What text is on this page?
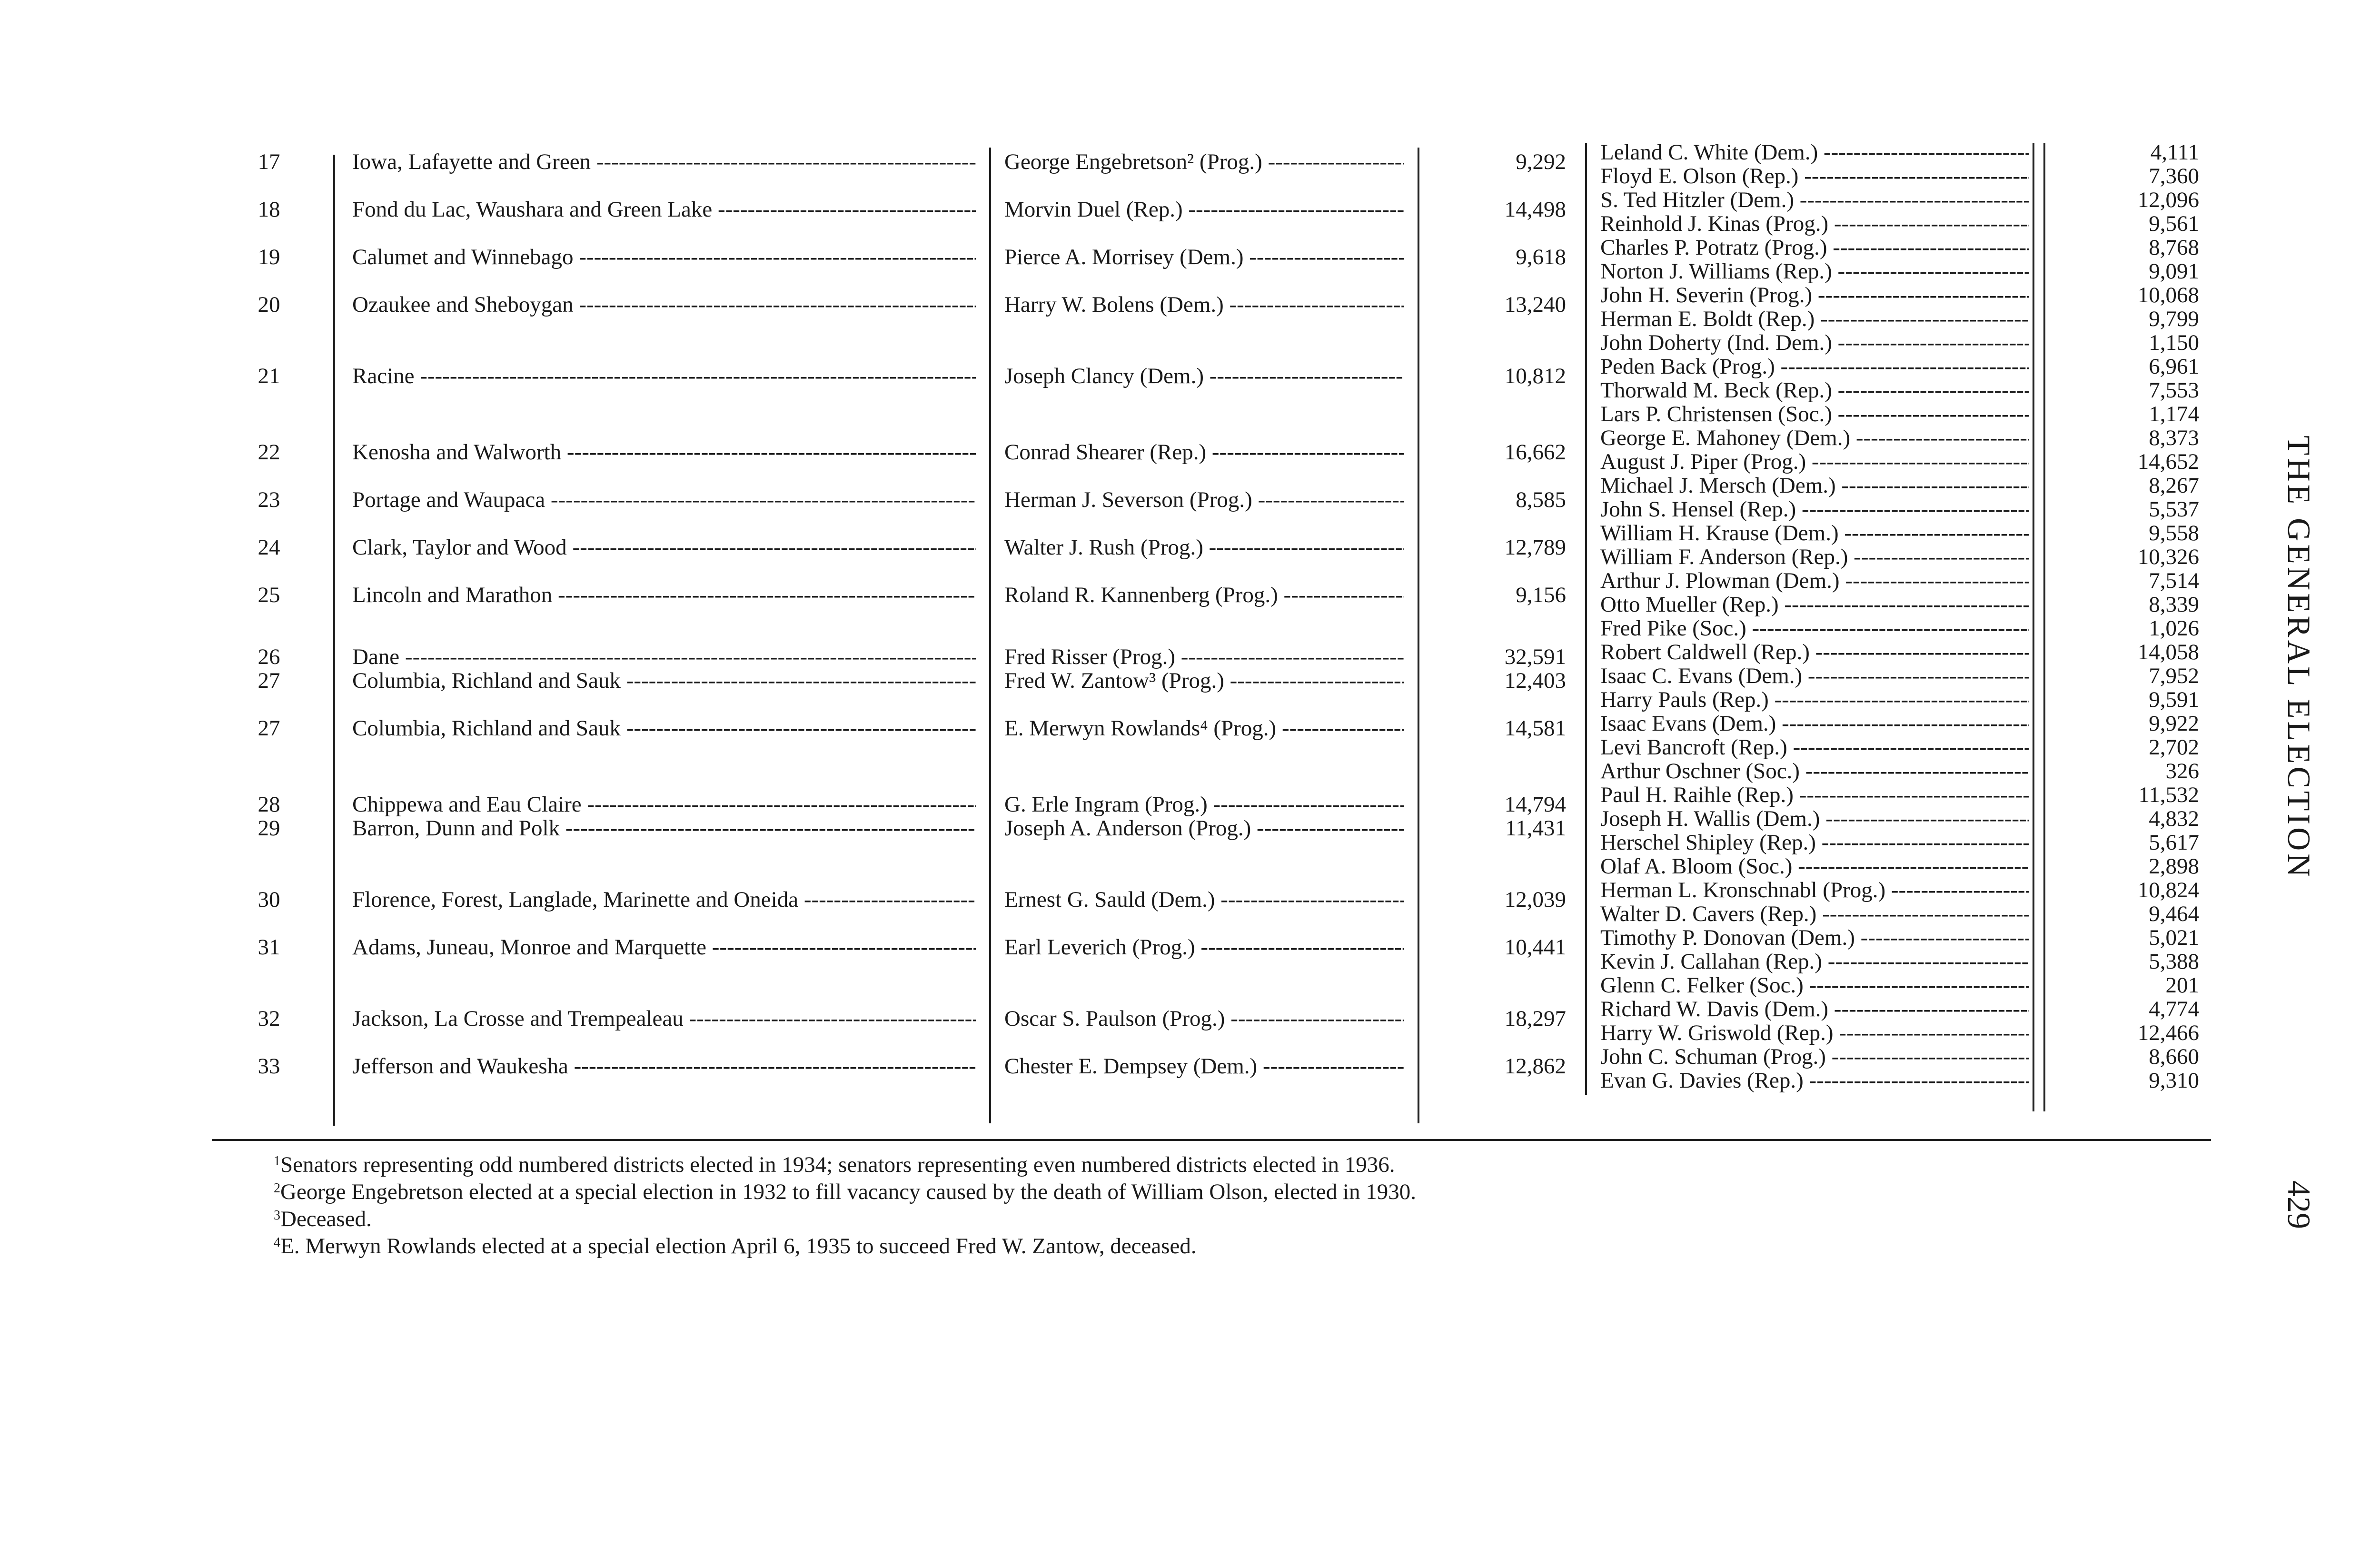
17	Iowa, Lafayette and Green -----	George Engebretson² (Prog.) -----	9,292
18	Fond du Lac, Waushara and Green Lake -----	Morvin Duel (Rep.) -----	14,498
19	Calumet and Winnebago -----	Pierce A. Morrisey (Dem.) -----	9,618
20	Ozaukee and Sheboygan -----	Harry W. Bolens (Dem.) -----	13,240
21	Racine -----	Joseph Clancy (Dem.) -----	10,812
22	Kenosha and Walworth -----	Conrad Shearer (Rep.) -----	16,662
23	Portage and Waupaca -----	Herman J. Severson (Prog.) -----	8,585
24	Clark, Taylor and Wood -----	Walter J. Rush (Prog.) -----	12,789
25	Lincoln and Marathon -----	Roland R. Kannenberg (Prog.) -----	9,156
26	Dane -----	Fred Risser (Prog.) -----	32,591
27	Columbia, Richland and Sauk -----	Fred W. Zantow³ (Prog.) -----	12,403
27	Columbia, Richland and Sauk -----	E. Merwyn Rowlands⁴ (Prog.) -----	14,581
28	Chippewa and Eau Claire -----	G. Erle Ingram (Prog.) -----	14,794
29	Barron, Dunn and Polk -----	Joseph A. Anderson (Prog.) -----	11,431
30	Florence, Forest, Langlade, Marinette and Oneida -----	Ernest G. Sauld (Dem.) -----	12,039
31	Adams, Juneau, Monroe and Marquette -----	Earl Leverich (Prog.) -----	10,441
32	Jackson, La Crosse and Trempealeau -----	Oscar S. Paulson (Prog.) -----	18,297
33	Jefferson and Waukesha -----	Chester E. Dempsey (Dem.) -----	12,862
Leland C. White (Dem.) -----	4,111
Floyd E. Olson (Rep.) -----	7,360
S. Ted Hitzler (Dem.) -----	12,096
Reinhold J. Kinas (Prog.) -----	9,561
Charles P. Potratz (Prog.) -----	8,768
Norton J. Williams (Rep.) -----	9,091
John H. Severin (Prog.) -----	10,068
Herman E. Boldt (Rep.) -----	9,799
John Doherty (Ind. Dem.) -----	1,150
Peden Back (Prog.) -----	6,961
Thorwald M. Beck (Rep.) -----	7,553
Lars P. Christensen (Soc.) -----	1,174
George E. Mahoney (Dem.) -----	8,373
August J. Piper (Prog.) -----	14,652
Michael J. Mersch (Dem.) -----	8,267
John S. Hensel (Rep.) -----	5,537
William H. Krause (Dem.) -----	9,558
William F. Anderson (Rep.) -----	10,326
Arthur J. Plowman (Dem.) -----	7,514
Otto Mueller (Rep.) -----	8,339
Fred Pike (Soc.) -----	1,026
Robert Caldwell (Rep.) -----	14,058
Isaac C. Evans (Dem.) -----	7,952
Harry Pauls (Rep.) -----	9,591
Isaac Evans (Dem.) -----	9,922
Levi Bancroft (Rep.) -----	2,702
Arthur Oschner (Soc.) -----	326
Paul H. Raihle (Rep.) -----	11,532
Joseph H. Wallis (Dem.) -----	4,832
Herschel Shipley (Rep.) -----	5,617
Olaf A. Bloom (Soc.) -----	2,898
Herman L. Kronschnabl (Prog.) -----	10,824
Walter D. Cavers (Rep.) -----	9,464
Timothy P. Donovan (Dem.) -----	5,021
Kevin J. Callahan (Rep.) -----	5,388
Glenn C. Felker (Soc.) -----	201
Richard W. Davis (Dem.) -----	4,774
Harry W. Griswold (Rep.) -----	12,466
John C. Schuman (Prog.) -----	8,660
Evan G. Davies (Rep.) -----	9,310
$^1$Senators representing odd numbered districts elected in 1934; senators representing even numbered districts elected in 1936.
$^2$George Engebretson elected at a special election in 1932 to fill vacancy caused by the death of William Olson, elected in 1930.
$^3$Deceased.
$^4$E. Merwyn Rowlands elected at a special election April 6, 1935 to succeed Fred W. Zantow, deceased.
THE GENERAL ELECTION
429
